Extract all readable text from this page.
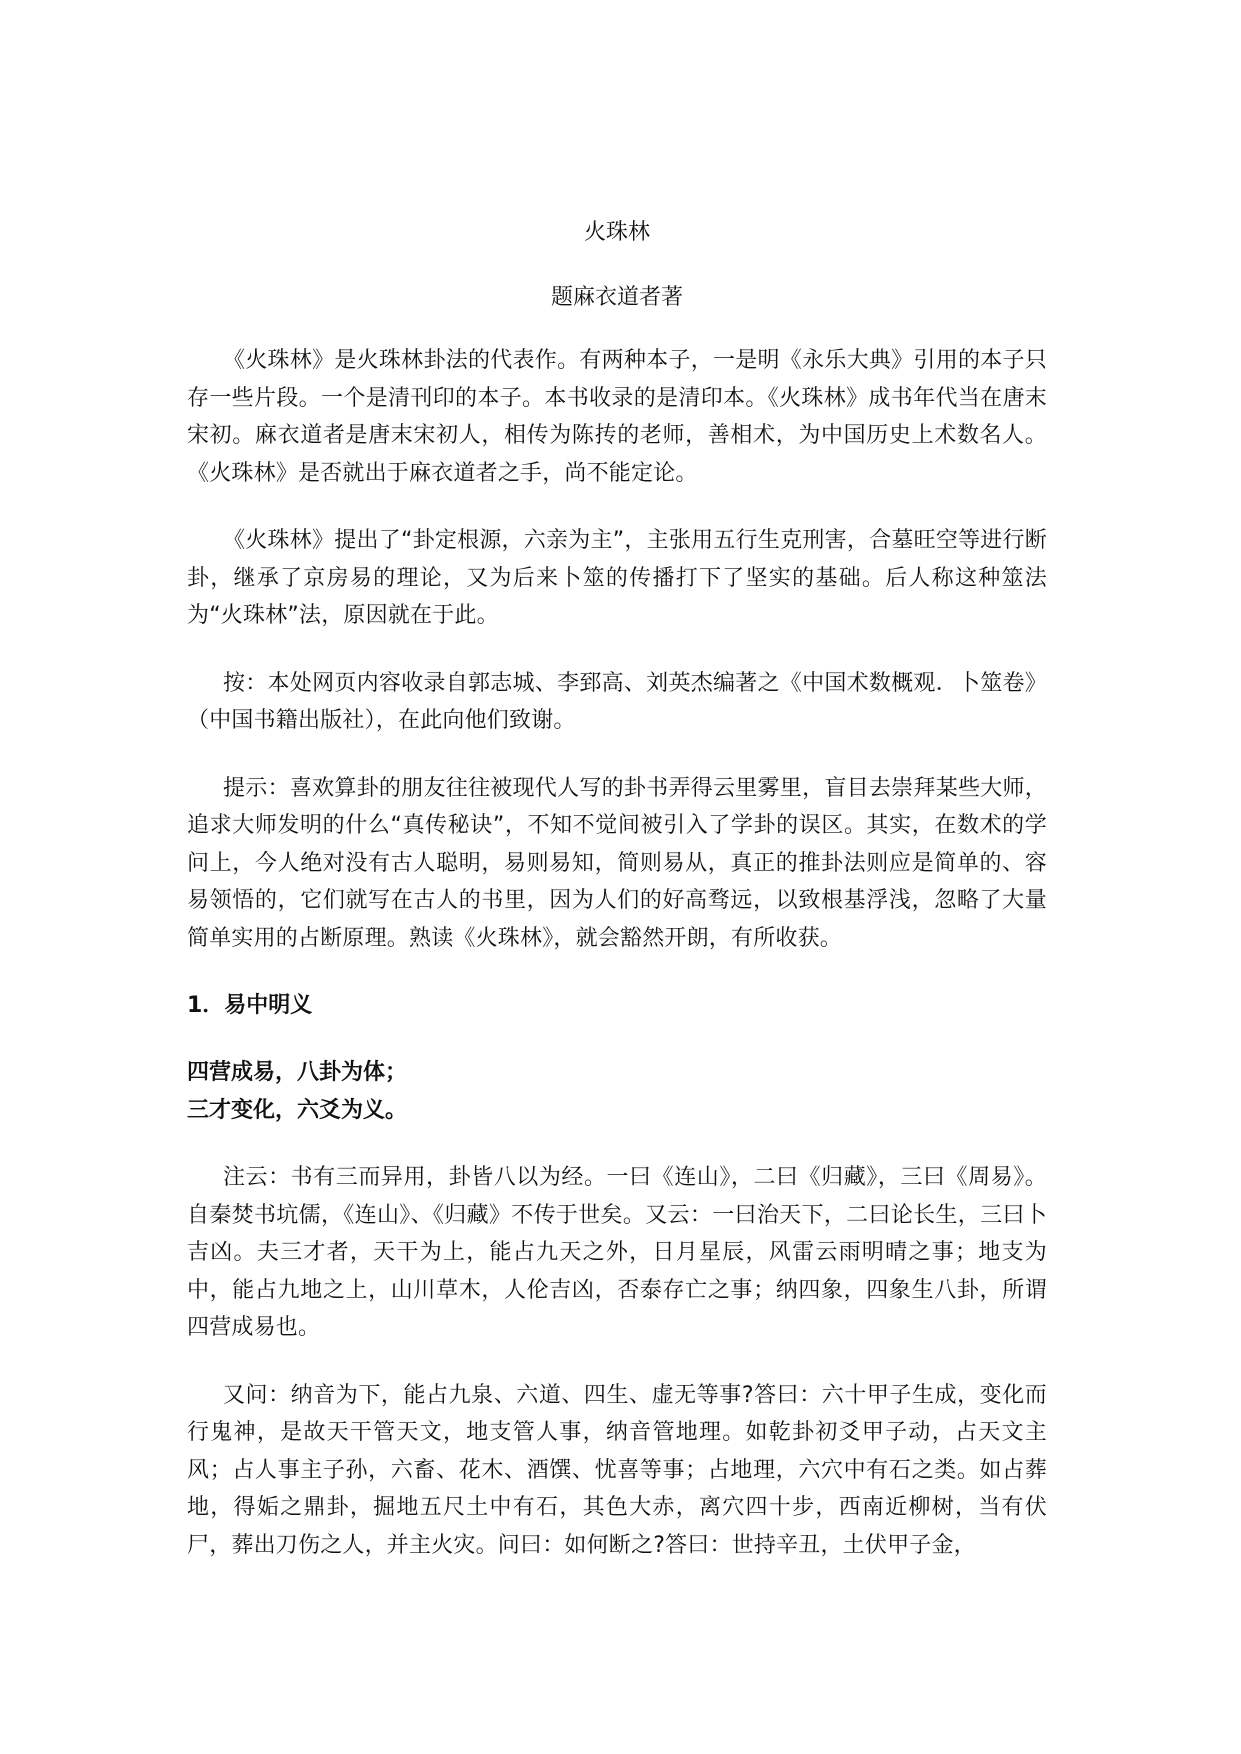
火珠林
题麻衣道者著

《火珠林》是火珠林卦法的代表作。有两种本子，一是明《永乐大典》引用的本子只存一些片段。一个是清刊印的本子。本书收录的是清印本。《火珠林》成书年代当在唐末宋初。麻衣道者是唐末宋初人，相传为陈抟的老师，善相术，为中国历史上术数名人。《火珠林》是否就出于麻衣道者之手，尚不能定论。

《火珠林》提出了“卦定根源，六亲为主”，主张用五行生克刑害，合墓旺空等进行断卦，继承了京房易的理论，又为后来卜筮的传播打下了坚实的基础。后人称这种筮法为“火珠林”法，原因就在于此。

按：本处网页内容收录自郭志城、李郅高、刘英杰编著之《中国术数概观．卜筮卷》（中国书籍出版社），在此向他们致谢。

提示：喜欢算卦的朋友往往被现代人写的卦书弄得云里雾里，盲目去崇拜某些大师，追求大师发明的什么“真传秘诀”，不知不觉间被引入了学卦的误区。其实，在数术的学问上，今人绝对没有古人聪明，易则易知，简则易从，真正的推卦法则应是简单的、容易领悟的，它们就写在古人的书里，因为人们的好高骛远，以致根基浮浅，忽略了大量简单实用的占断原理。熟读《火珠林》，就会豁然开朗，有所收获。

1．易中明义
四营成易，八卦为体；
三才变化，六爻为义。

注云：书有三而异用，卦皆八以为经。一曰《连山》，二曰《归藏》，三曰《周易》。自秦焚书坑儒，《连山》、《归藏》不传于世矣。又云：一曰治天下，二曰论长生，三曰卜吉凶。夫三才者，天干为上，能占九天之外，日月星辰，风雷云雨明晴之事；地支为中，能占九地之上，山川草木，人伦吉凶，否泰存亡之事；纳四象，四象生八卦，所谓四营成易也。

又问：纳音为下，能占九泉、六道、四生、虚无等事?答曰：六十甲子生成，变化而行鬼神，是故天干管天文，地支管人事，纳音管地理。如乾卦初爻甲子动，占天文主风；占人事主子孙，六畜、花木、酒馔、忧喜等事；占地理，六穴中有石之类。如占葬地，得姤之鼎卦，掘地五尺土中有石，其色大赤，离穴四十步，西南近柳树，当有伏尸，葬出刀伤之人，并主火灾。问曰：如何断之?答曰：世持辛丑，土伏甲子金，
